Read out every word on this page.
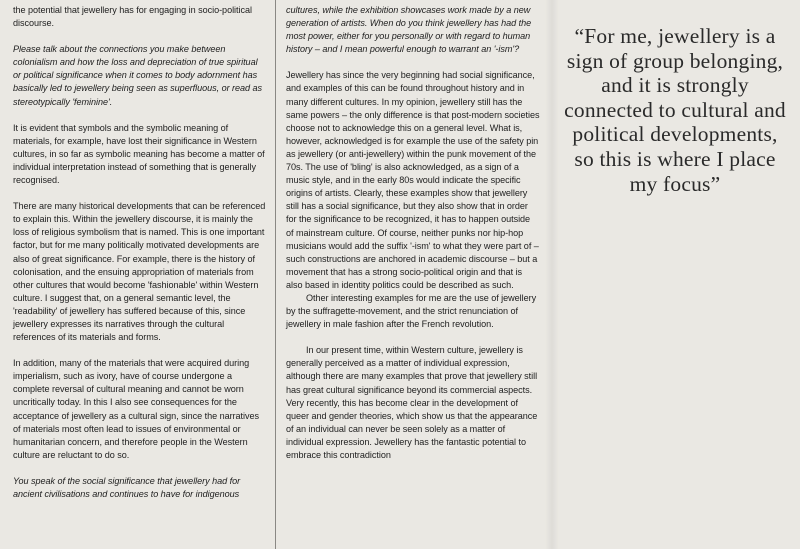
the potential that jewellery has for engaging in socio-political discourse.

Please talk about the connections you make between colonialism and how the loss and depreciation of true spiritual or political significance when it comes to body adornment has basically led to jewellery being seen as superfluous, or read as stereotypically 'feminine'.

It is evident that symbols and the symbolic meaning of materials, for example, have lost their significance in Western cultures, in so far as symbolic meaning has become a matter of individual interpretation instead of something that is generally recognised.

There are many historical developments that can be referenced to explain this. Within the jewellery discourse, it is mainly the loss of religious symbolism that is named. This is one important factor, but for me many politically motivated developments are also of great significance. For example, there is the history of colonisation, and the ensuing appropriation of materials from other cultures that would become 'fashionable' within Western culture. I suggest that, on a general semantic level, the 'readability' of jewellery has suffered because of this, since jewellery expresses its narratives through the cultural references of its materials and forms.

In addition, many of the materials that were acquired during imperialism, such as ivory, have of course undergone a complete reversal of cultural meaning and cannot be worn uncritically today. In this I also see consequences for the acceptance of jewellery as a cultural sign, since the narratives of materials most often lead to issues of environmental or humanitarian concern, and therefore people in the Western culture are reluctant to do so.

You speak of the social significance that jewellery had for ancient civilisations and continues to have for indigenous

cultures, while the exhibition showcases work made by a new generation of artists. When do you think jewellery has had the most power, either for you personally or with regard to human history – and I mean powerful enough to warrant an '-ism'?

Jewellery has since the very beginning had social significance, and examples of this can be found throughout history and in many different cultures. In my opinion, jewellery still has the same powers – the only difference is that post-modern societies choose not to acknowledge this on a general level. What is, however, acknowledged is for example the use of the safety pin as jewellery (or anti-jewellery) within the punk movement of the 70s. The use of 'bling' is also acknowledged, as a sign of a music style, and in the early 80s would indicate the specific origins of artists. Clearly, these examples show that jewellery still has a social significance, but they also show that in order for the significance to be recognized, it has to happen outside of mainstream culture. Of course, neither punks nor hip-hop musicians would add the suffix '-ism' to what they were part of – such constructions are anchored in academic discourse – but a movement that has a strong socio-political origin and that is also based in identity politics could be described as such.

Other interesting examples for me are the use of jewellery by the suffragette-movement, and the strict renunciation of jewellery in male fashion after the French revolution.

In our present time, within Western culture, jewellery is generally perceived as a matter of individual expression, although there are many examples that prove that jewellery still has great cultural significance beyond its commercial aspects. Very recently, this has become clear in the development of queer and gender theories, which show us that the appearance of an individual can never be seen solely as a matter of individual expression. Jewellery has the fantastic potential to embrace this contradiction

“For me, jewellery is a sign of group belonging, and it is strongly connected to cultural and political developments, so this is where I place my focus”
